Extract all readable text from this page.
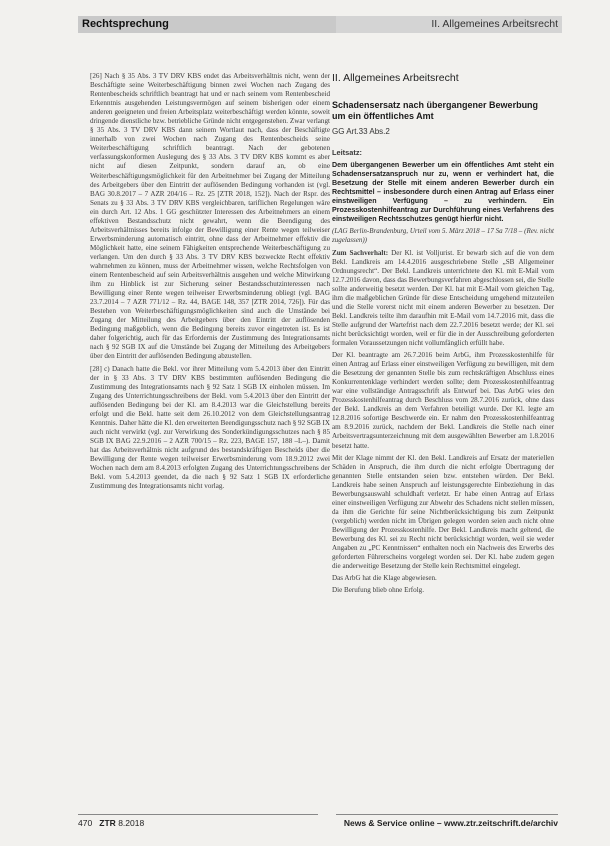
Rechtsprechung	II. Allgemeines Arbeitsrecht

[26] Nach § 35 Abs. 3 TV DRV KBS endet das Arbeitsverhältnis nicht, wenn der Beschäftigte seine Weiterbeschäftigung binnen zwei Wochen nach Zugang des Rentenbescheids schriftlich beantragt hat und er nach seinem vom Rentenbescheid Erkenntnis ausgehenden Leistungsvermögen auf seinem bisherigen oder einem anderen geeigneten und freien Arbeitsplatz weiterbeschäftigt werden könnte, soweit dringende dienstliche bzw. betriebliche Gründe nicht entgegenstehen. Zwar verlangt § 35 Abs. 3 TV DRV KBS dann seinem Wortlaut nach, dass der Beschäftigte innerhalb von zwei Wochen nach Zugang des Rentenbescheids seine Weiterbeschäftigung schriftlich beantragt. Nach der gebotenen verfassungskonformen Auslegung des § 33 Abs. 3 TV DRV KBS kommt es aber nicht auf diesen Zeitpunkt, sondern darauf an, ob eine Weiterbeschäftigungsmöglichkeit für den Arbeitnehmer bei Zugang der Mitteilung des Arbeitgebers über den Eintritt der auflösenden Bedingung vorhanden ist (vgl. BAG 30.8.2017 – 7 AZR 204/16 – Rz. 25 [ZTR 2018, 152]). Nach der Rspr. des Senats zu § 33 Abs. 3 TV DRV KBS vergleichbaren, tariflichen Regelungen wäre ein durch Art. 12 Abs. 1 GG geschützter Interessen des Arbeitnehmers an einem effektiven Bestandsschutz nicht gewahrt, wenn die Beendigung des Arbeitsverhältnisses bereits infolge der Bewilligung einer Rente wegen teilweiser Erwerbsminderung automatisch eintritt, ohne dass der Arbeitnehmer effektiv die Möglichkeit hatte, eine seinem Fähigkeiten entsprechende Weiterbeschäftigung zu verlangen. Um den durch § 33 Abs. 3 TV DRV KBS bezweckte Recht effektiv wahrnehmen zu können, muss der Arbeitnehmer wissen, welche Rechtsfolgen von einem Rentenbescheid auf sein Arbeitsverhältnis ausgehen und welche Mitwirkung ihm zu Hinblick ist zur Sicherung seiner Bestandsschutzinteressen nach Bewilligung einer Rente wegen teilweiser Erwerbsminderung obliegt (vgl. BAG 23.7.2014 – 7 AZR 771/12 – Rz. 44, BAGE 148, 357 [ZTR 2014, 726]). Für das Bestehen von Weiterbeschäftigungsmöglichkeiten sind auch die Umstände bei Zugang der Mitteilung des Arbeitgebers über den Eintritt der auflösenden Bedingung maßgeblich, wenn die Bedingung bereits zuvor eingetreten ist. Es ist daher folgerichtig, auch für das Erfordernis der Zustimmung des Integrationsamts nach § 92 SGB IX auf die Umstände bei Zugang der Mitteilung des Arbeitgebers über den Eintritt der auflösenden Bedingung abzustellen.

[28] c) Danach hatte die Bekl. vor ihrer Mitteilung vom 5.4.2013 über den Eintritt der in § 33 Abs. 3 TV DRV KBS bestimmten auflösenden Bedingung die Zustimmung des Integrationsamts nach § 92 Satz 1 SGB IX einholen müssen. Im Zugang des Unterrichtungsschreibens der Bekl. vom 5.4.2013 über den Eintritt der auflösenden Bedingung bei der Kl. am 8.4.2013 war die Gleichstellung bereits erfolgt und die Bekl. hatte seit dem 26.10.2012 von dem Gleichstellungsantrag Kenntnis. Daher hätte die Kl. den erweiterten Beendigungsschutz nach § 92 SGB IX auch nicht verwirkt (vgl. zur Verwirkung des Sonderkündigungsschutzes nach § 85 SGB IX BAG 22.9.2016 – 2 AZR 700/15 – Rz. 223, BAGE 157, 188 –L–). Damit hat das Arbeitsverhältnis nicht aufgrund des bestandskräftigen Bescheids über die Bewilligung der Rente wegen teilweiser Erwerbsminderung vom 18.9.2012 zwei Wochen nach dem am 8.4.2013 erfolgten Zugang des Unterrichtungsschreibens der Bekl. vom 5.4.2013 geendet, da die nach § 92 Satz 1 SGB IX erforderliche Zustimmung des Integrationsamts nicht vorlag.

II. Allgemeines Arbeitsrecht
Schadensersatz nach übergangener Bewerbung um ein öffentliches Amt
GG Art.33 Abs.2
Leitsatz:

Dem übergangenen Bewerber um ein öffentliches Amt steht ein Schadensersatzanspruch nur zu, wenn er verhindert hat, die Besetzung der Stelle mit einem anderen Bewerber durch ein Rechtsmittel – insbesondere durch einen Antrag auf Erlass einer einstweiligen Verfügung – zu verhindern. Ein Prozesskostenhilfeantrag zur Durchführung eines Verfahrens des einstweiligen Rechtsschutzes genügt hierfür nicht.

(LAG Berlin-Brandenburg, Urteil vom 5. März 2018 – 17 Sa 7/18 – (Rev. nicht zugelassen))

Zum Sachverhalt: Der Kl. ist Volljurist. Er bewarb sich auf die von dem Bekl. Landkreis am 14.4.2016 ausgeschriebene Stelle „SB Allgemeiner Ordnungsrecht“. Der Bekl. Landkreis unterrichtete den Kl. mit E-Mail vom 12.7.2016 davon, dass das Bewerbungsverfahren abgeschlossen sei, die Stelle sollte anderweitig besetzt werden. Der Kl. hat mit E-Mail vom gleichen Tag, ihm die maßgeblichen Gründe für diese Entscheidung umgehend mitzuteilen und die Stelle vorerst nicht mit einem anderen Bewerber zu besetzen. Der Bekl. Landkreis teilte ihm daraufhin mit E-Mail vom 14.7.2016 mit, dass die Stelle aufgrund der Wartefrist nach dem 22.7.2016 besetzt werde; der Kl. sei nicht berücksichtigt worden, weil er für die in der Ausschreibung geforderten formalen Voraussetzungen nicht vollumfänglich erfüllt habe.

Der Kl. beantragte am 26.7.2016 beim ArbG, ihm Prozesskostenhilfe für einen Antrag auf Erlass einer einstweiligen Verfügung zu bewilligen, mit dem die Besetzung der genannten Stelle bis zum rechtskräftigen Abschluss eines Konkurrentenklage verhindert werden sollte; dem Prozesskostenhilfeantrag war eine vollständige Antragsschrift als Entwurf bei. Das ArbG wies den Prozesskostenhilfeantrag durch Beschluss vom 28.7.2016 zurück, ohne dass der Bekl. Landkreis an dem Verfahren beteiligt wurde. Der Kl. legte am 12.8.2016 sofortige Beschwerde ein. Er nahm den Prozesskostenhilfeantrag am 8.9.2016 zurück, nachdem der Bekl. Landkreis die Stelle nach einer Arbeitsvertragsunterzeichnung mit dem ausgewählten Bewerber am 1.8.2016 besetzt hatte.

Mit der Klage nimmt der Kl. den Bekl. Landkreis auf Ersatz der materiellen Schäden in Anspruch, die ihm durch die nicht erfolgte Übertragung der genannten Stelle entstanden seien bzw. entstehen würden. Der Bekl. Landkreis habe seinen Anspruch auf leistungsgerechte Einbeziehung in das Bewerbungsauswahl schuldhaft verletzt. Er habe einen Antrag auf Erlass einer einstweiligen Verfügung zur Abwehr des Schadens nicht stellen müssen, da ihm die Gerichte für seine Nichtberücksichtigung bis zum Zeitpunkt (vergeblich) werden nicht im Übrigen gelegen worden seien auch nicht ohne Bewilligung der Prozesskostenhilfe. Der Bekl. Landkreis macht geltend, die Bewerbung des Kl. sei zu Recht nicht berücksichtigt worden, weil sie weder Angaben zu „PC Kenntnissen“ enthalten noch ein Nachweis des Erwerbs des geforderten Führerscheins vorgelegt worden sei. Der Kl. habe zudem gegen die anderweitige Besetzung der Stelle kein Rechtsmittel eingelegt.

Das ArbG hat die Klage abgewiesen.

Die Berufung blieb ohne Erfolg.

470 ZTR 8.2018	News & Service online – www.ztr.zeitschrift.de/archiv
